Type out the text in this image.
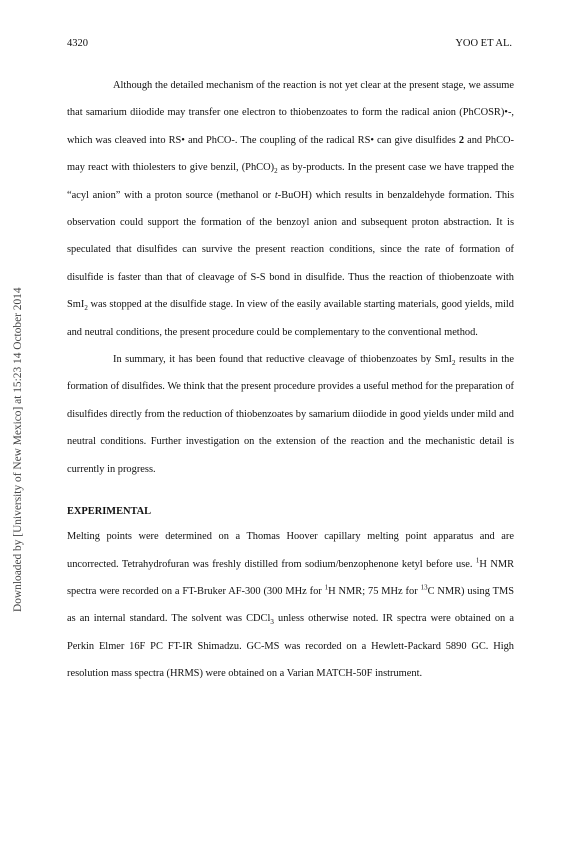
4320	YOO ET AL.
Downloaded by [University of New Mexico] at 15:23 14 October 2014

Although the detailed mechanism of the reaction is not yet clear at the present stage, we assume that samarium diiodide may transfer one electron to thiobenzoates to form the radical anion (PhCOSR)•-, which was cleaved into RS• and PhCO-. The coupling of the radical RS• can give disulfides 2 and PhCO- may react with thiolesters to give benzil, $(PhCO)_2$ as by-products. In the present case we have trapped the “acyl anion” with a proton source (methanol or t-BuOH) which results in benzaldehyde formation. This observation could support the formation of the benzoyl anion and subsequent proton abstraction. It is speculated that disulfides can survive the present reaction conditions, since the rate of formation of disulfide is faster than that of cleavage of S-S bond in disulfide. Thus the reaction of thiobenzoate with SmI$_2$ was stopped at the disulfide stage. In view of the easily available starting materials, good yields, mild and neutral conditions, the present procedure could be complementary to the conventional method.

In summary, it has been found that reductive cleavage of thiobenzoates by SmI$_2$ results in the formation of disulfides. We think that the present procedure provides a useful method for the preparation of disulfides directly from the reduction of thiobenzoates by samarium diiodide in good yields under mild and neutral conditions. Further investigation on the extension of the reaction and the mechanistic detail is currently in progress.

EXPERIMENTAL

Melting points were determined on a Thomas Hoover capillary melting point apparatus and are uncorrected. Tetrahydrofuran was freshly distilled from sodium/benzophenone ketyl before use. $^1$H NMR spectra were recorded on a FT-Bruker AF-300 (300 MHz for $^1$H NMR; 75 MHz for $^{13}$C NMR) using TMS as an internal standard. The solvent was CDCl$_3$ unless otherwise noted. IR spectra were obtained on a Perkin Elmer 16F PC FT-IR Shimadzu. GC-MS was recorded on a Hewlett-Packard 5890 GC. High resolution mass spectra (HRMS) were obtained on a Varian MATCH-50F instrument.
